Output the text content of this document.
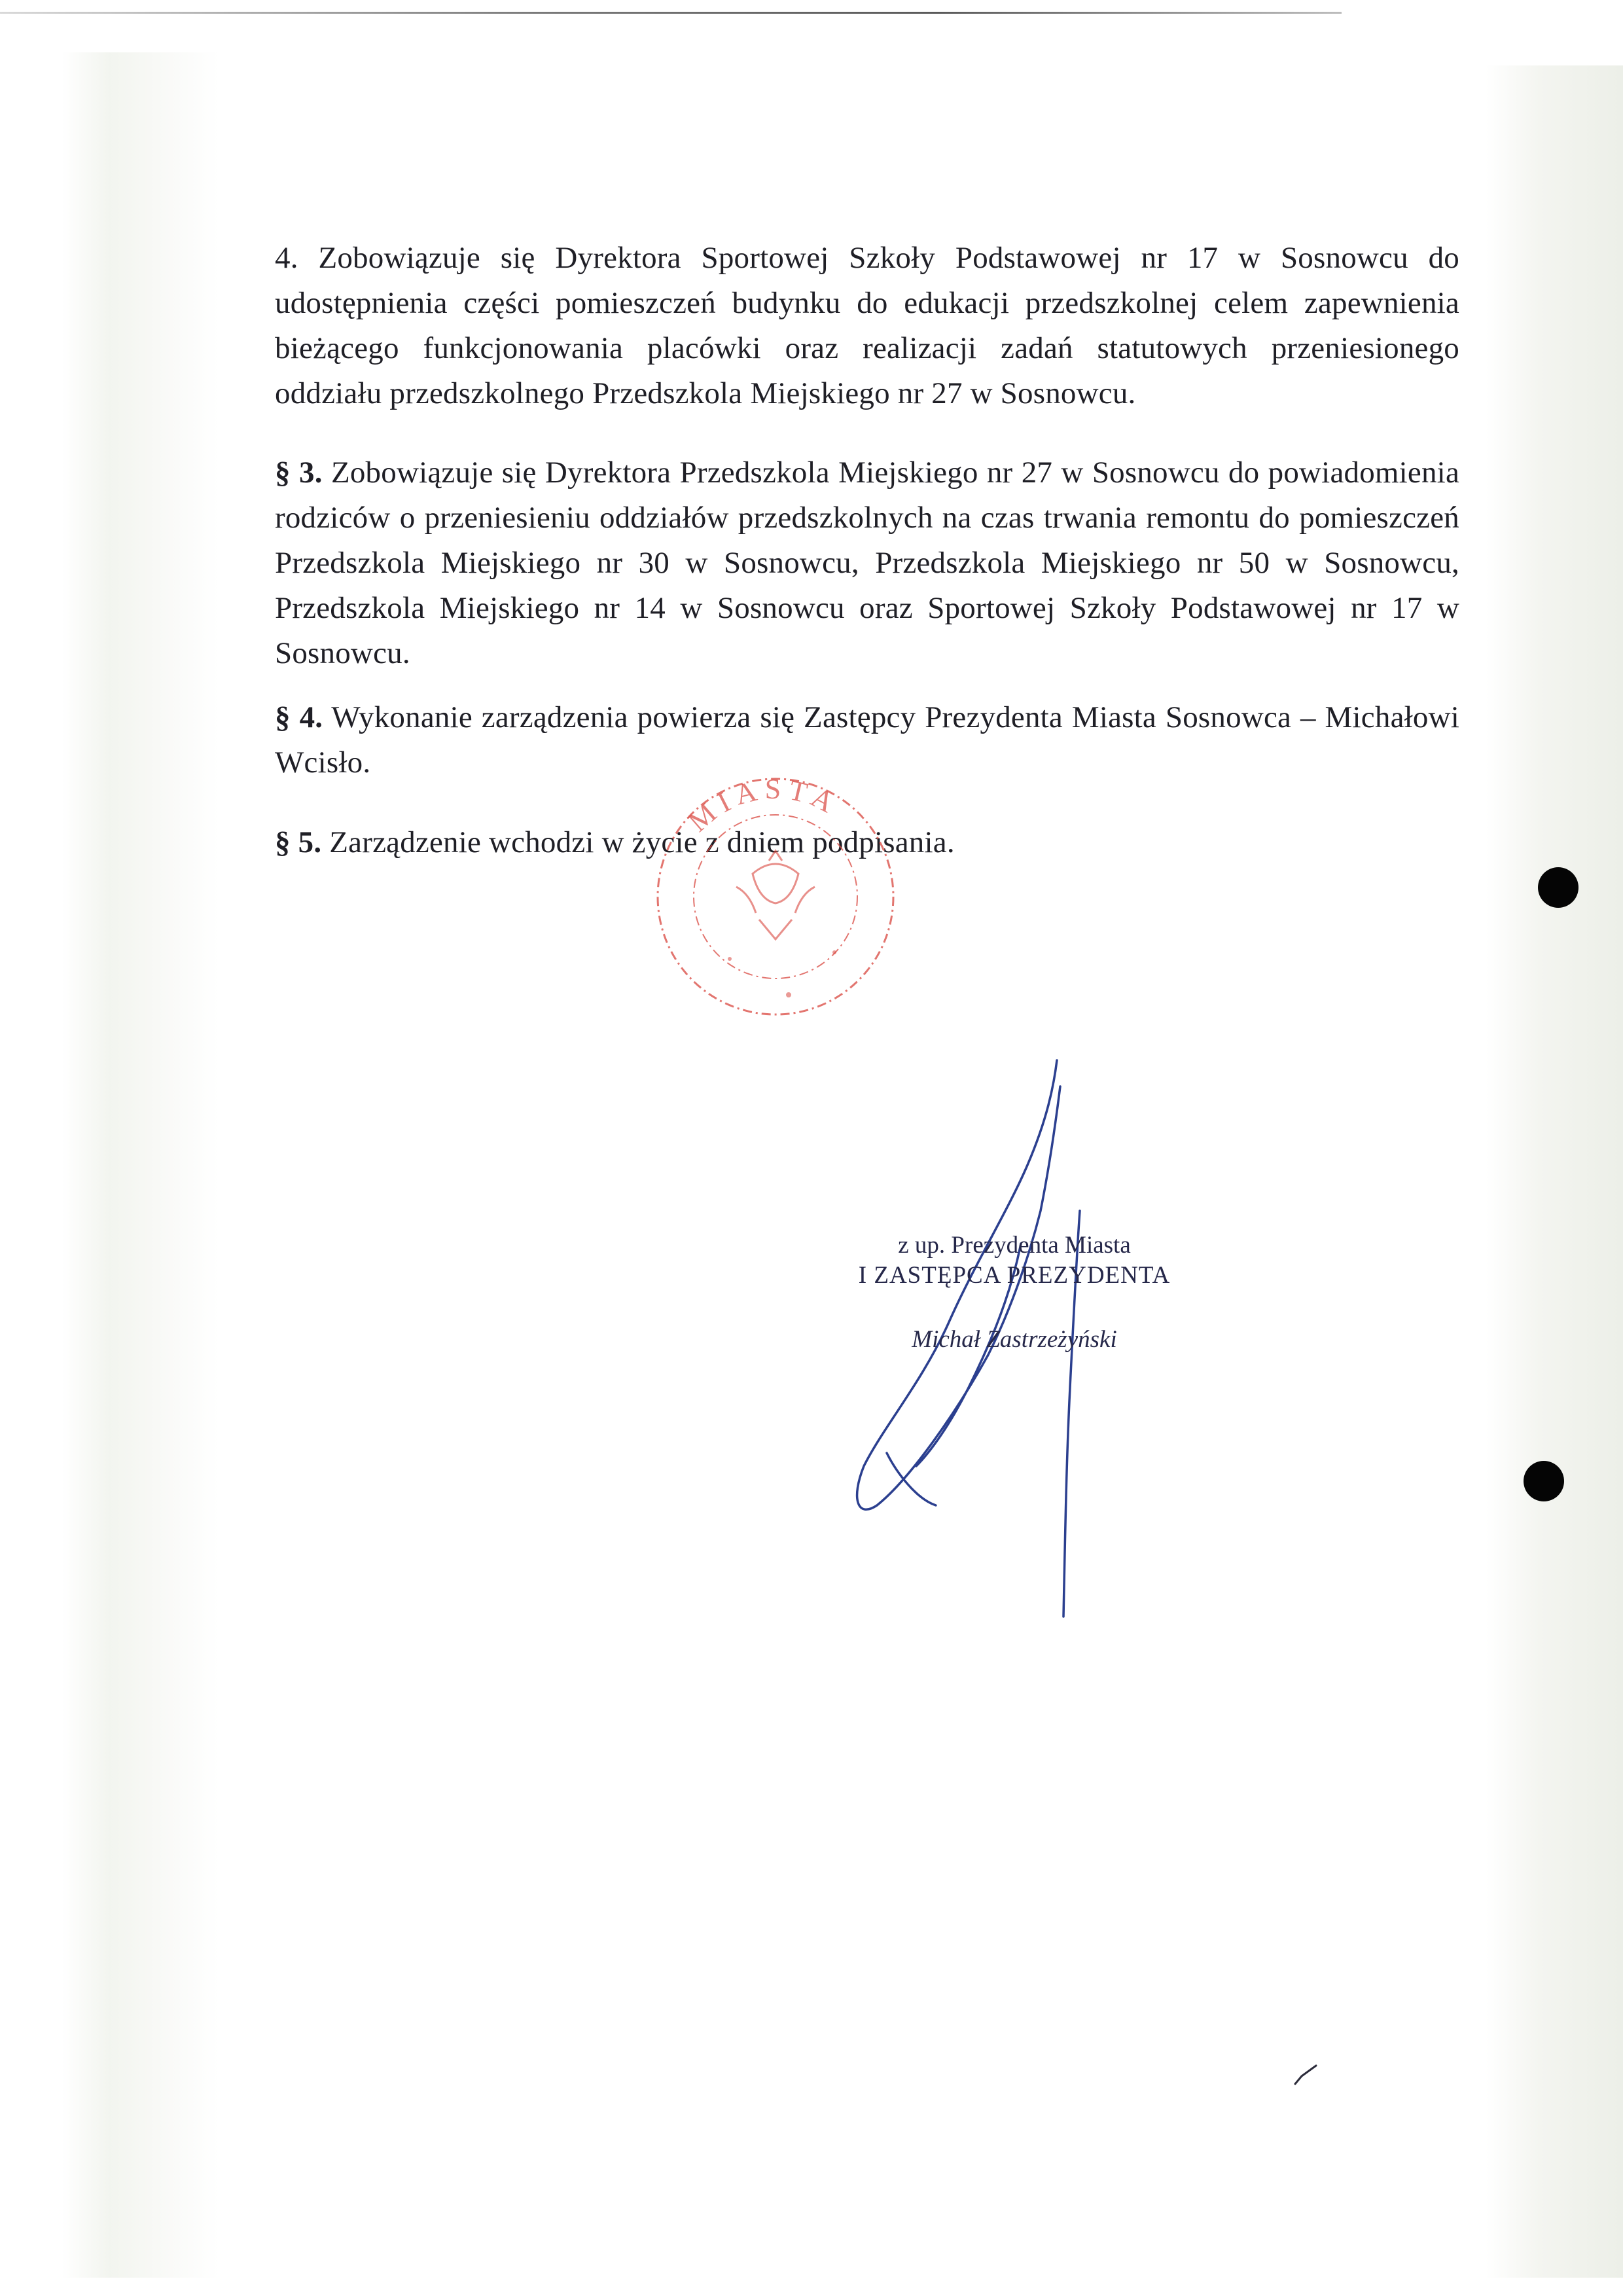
4. Zobowiązuje się Dyrektora Sportowej Szkoły Podstawowej nr 17 w Sosnowcu do udostępnienia części pomieszczeń budynku do edukacji przedszkolnej celem zapewnienia bieżącego funkcjonowania placówki oraz realizacji zadań statutowych przeniesionego oddziału przedszkolnego Przedszkola Miejskiego nr 27 w Sosnowcu.

§ 3. Zobowiązuje się Dyrektora Przedszkola Miejskiego nr 27 w Sosnowcu do powiadomienia rodziców o przeniesieniu oddziałów przedszkolnych na czas trwania remontu do pomieszczeń Przedszkola Miejskiego nr 30 w Sosnowcu, Przedszkola Miejskiego nr 50 w Sosnowcu, Przedszkola Miejskiego nr 14 w Sosnowcu oraz Sportowej Szkoły Podstawowej nr 17 w Sosnowcu.

§ 4. Wykonanie zarządzenia powierza się Zastępcy Prezydenta Miasta Sosnowca – Michałowi Wcisło.

§ 5. Zarządzenie wchodzi w życie z dniem podpisania.

MIASTA

z up. Prezydenta Miasta

I ZASTĘPCA PREZYDENTA

Michał Zastrzeżyński
